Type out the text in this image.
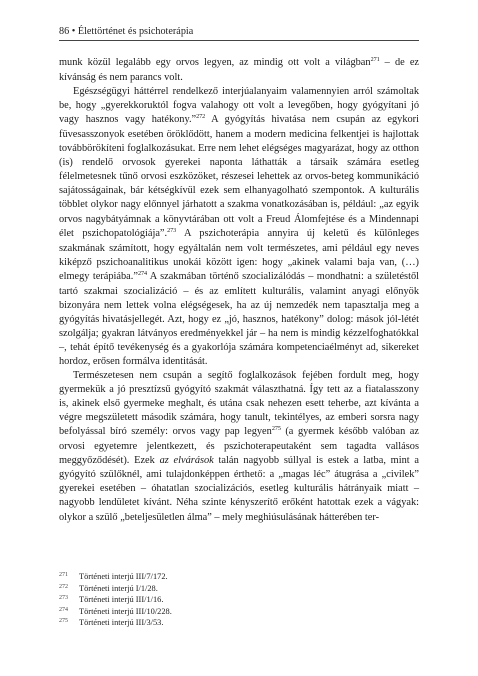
86 • Élettörténet és psichoterápia

munk közül legalább egy orvos legyen, az mindig ott volt a világban$^{271}$ – de ez kívánság és nem parancs volt.

Egészségügyi háttérrel rendelkező interjúalanyaim valamennyien arról számoltak be, hogy „gyerekkoruktól fogva valahogy ott volt a levegőben, hogy gyógyítani jó vagy hasznos vagy hatékony.”$^{272}$ A gyógyítás hivatása nem csupán az egykori füvesasszonyok esetében öröklődött, hanem a modern medicina felkentjei is hajlottak továbbörökíteni foglalkozásukat. Erre nem lehet elégséges magyarázat, hogy az otthon (is) rendelő orvosok gyerekei naponta láthatták a társaik számára esetleg félelmetesnek tűnő orvosi eszközöket, részesei lehettek az orvos-beteg kommunikáció sajátosságainak, bár kétségkívül ezek sem elhanyagolható szempontok. A kulturális többlet olykor nagy előnnyel járhatott a szakma vonatkozásában is, például: „az egyik orvos nagybátyámnak a könyvtárában ott volt a Freud Álomfejtése és a Mindennapi élet pszichopatológiája”.$^{273}$ A pszichoterápia annyira új keletű és különleges szakmának számított, hogy egyáltalán nem volt természetes, ami például egy neves kiképző pszichoanalitikus unokái között igen: hogy „akinek valami baja van, (…) elmegy terápiába.”$^{274}$ A szakmában történő szocializálódás – mondhatni: a születéstől tartó szakmai szocializáció – és az említett kulturális, valamint anyagi előnyök bizonyára nem lettek volna elégségesek, ha az új nemzedék nem tapasztalja meg a gyógyítás hivatásjellegét. Azt, hogy ez „jó, hasznos, hatékony” dolog: mások jól-létét szolgálja; gyakran látványos eredményekkel jár – ha nem is mindig kézzelfoghatókkal –, tehát építő tevékenység és a gyakorlója számára kompetenciaélményt ad, sikereket hordoz, erősen formálva identitását.

Természetesen nem csupán a segítő foglalkozások fejében fordult meg, hogy gyermekük a jó presztízsű gyógyító szakmát választhatná. Így tett az a fiatalasszony is, akinek első gyermeke meghalt, és utána csak nehezen esett teherbe, azt kívánta a végre megszületett második számára, hogy tanult, tekintélyes, az emberi sorsra nagy befolyással bíró személy: orvos vagy pap legyen$^{275}$ (a gyermek később valóban az orvosi egyetemre jelentkezett, és pszichoterapeutaként sem tagadta vallásos meggyőződését). Ezek az elvárások talán nagyobb súllyal is estek a latba, mint a gyógyító szülőknél, ami tulajdonképpen érthető: a „magas léc” átugrása a „civilek” gyerekei esetében – óhatatlan szocializációs, esetleg kulturális hátrányaik miatt – nagyobb lendületet kívánt. Néha szinte kényszerítő erőként hatottak ezek a vágyak: olykor a szülő „beteljesületlen álma” – mely meghiúsulásának hátterében ter-

271	Történeti interjú III/7/172.
272	Történeti interjú I/1/28.
273	Történeti interjú III/1/16.
274	Történeti interjú III/10/228.
275	Történeti interjú III/3/53.
